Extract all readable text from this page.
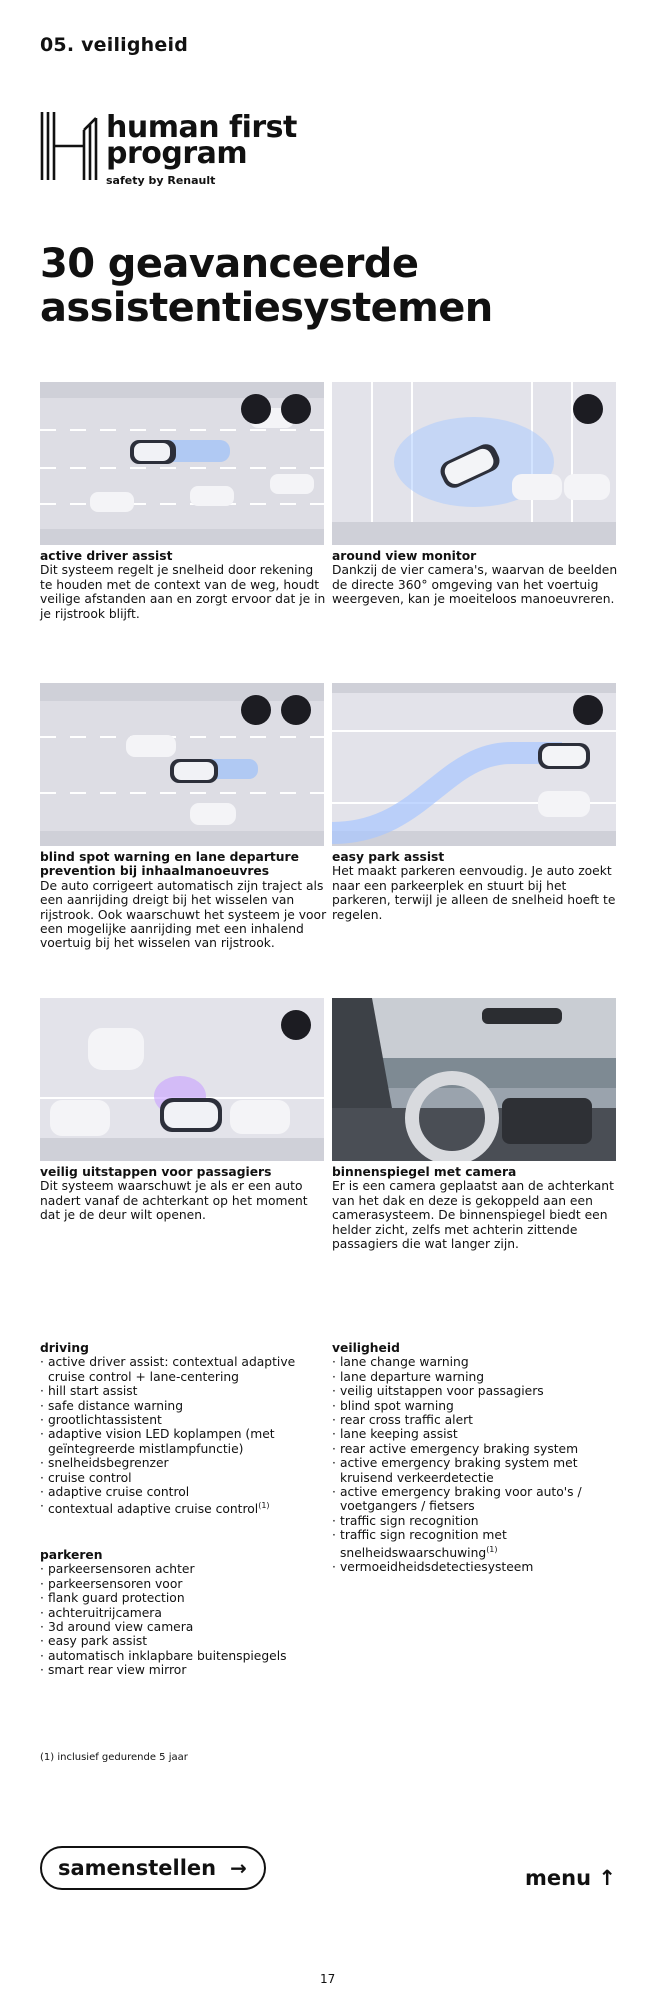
05. veiligheid
human first
program
safety by Renault
30 geavanceerde assistentiesystemen
active driver assist
Dit systeem regelt je snelheid door rekening te houden met de context van de weg, houdt veilige afstanden aan en zorgt ervoor dat je in je rijstrook blijft.
around view monitor
Dankzij de vier camera's, waarvan de beelden de directe 360° omgeving van het voertuig weergeven, kan je moeiteloos manoeuvreren.
blind spot warning en lane departure prevention bij inhaalmanoeuvres
De auto corrigeert automatisch zijn traject als een aanrijding dreigt bij het wisselen van rijstrook. Ook waarschuwt het systeem je voor een mogelijke aanrijding met een inhalend voertuig bij het wisselen van rijstrook.
easy park assist
Het maakt parkeren eenvoudig. Je auto zoekt naar een parkeerplek en stuurt bij het parkeren, terwijl je alleen de snelheid hoeft te regelen.
veilig uitstappen voor passagiers
Dit systeem waarschuwt je als er een auto nadert vanaf de achterkant op het moment dat je de deur wilt openen.
binnenspiegel met camera
Er is een camera geplaatst aan de achterkant van het dak en deze is gekoppeld aan een camerasysteem. De binnenspiegel biedt een helder zicht, zelfs met achterin zittende passagiers die wat langer zijn.
driving
· active driver assist: contextual adaptive cruise control + lane-centering
· hill start assist
· safe distance warning
· grootlichtassistent
· adaptive vision LED koplampen (met geïntegreerde mistlampfunctie)
· snelheidsbegrenzer
· cruise control
· adaptive cruise control
· contextual adaptive cruise control$^{(1)}$
parkeren
· parkeersensoren achter
· parkeersensoren voor
· flank guard protection
· achteruitrijcamera
· 3d around view camera
· easy park assist
· automatisch inklapbare buitenspiegels
· smart rear view mirror
veiligheid
· lane change warning
· lane departure warning
· veilig uitstappen voor passagiers
· blind spot warning
· rear cross traffic alert
· lane keeping assist
· rear active emergency braking system
· active emergency braking system met kruisend verkeerdetectie
· active emergency braking voor auto's / voetgangers / fietsers
· traffic sign recognition
· traffic sign recognition met snelheidswaarschuwing$^{(1)}$
· vermoeidheidsdetectiesysteem
(1) inclusief gedurende 5 jaar
samenstellen →	menu ↑
17
